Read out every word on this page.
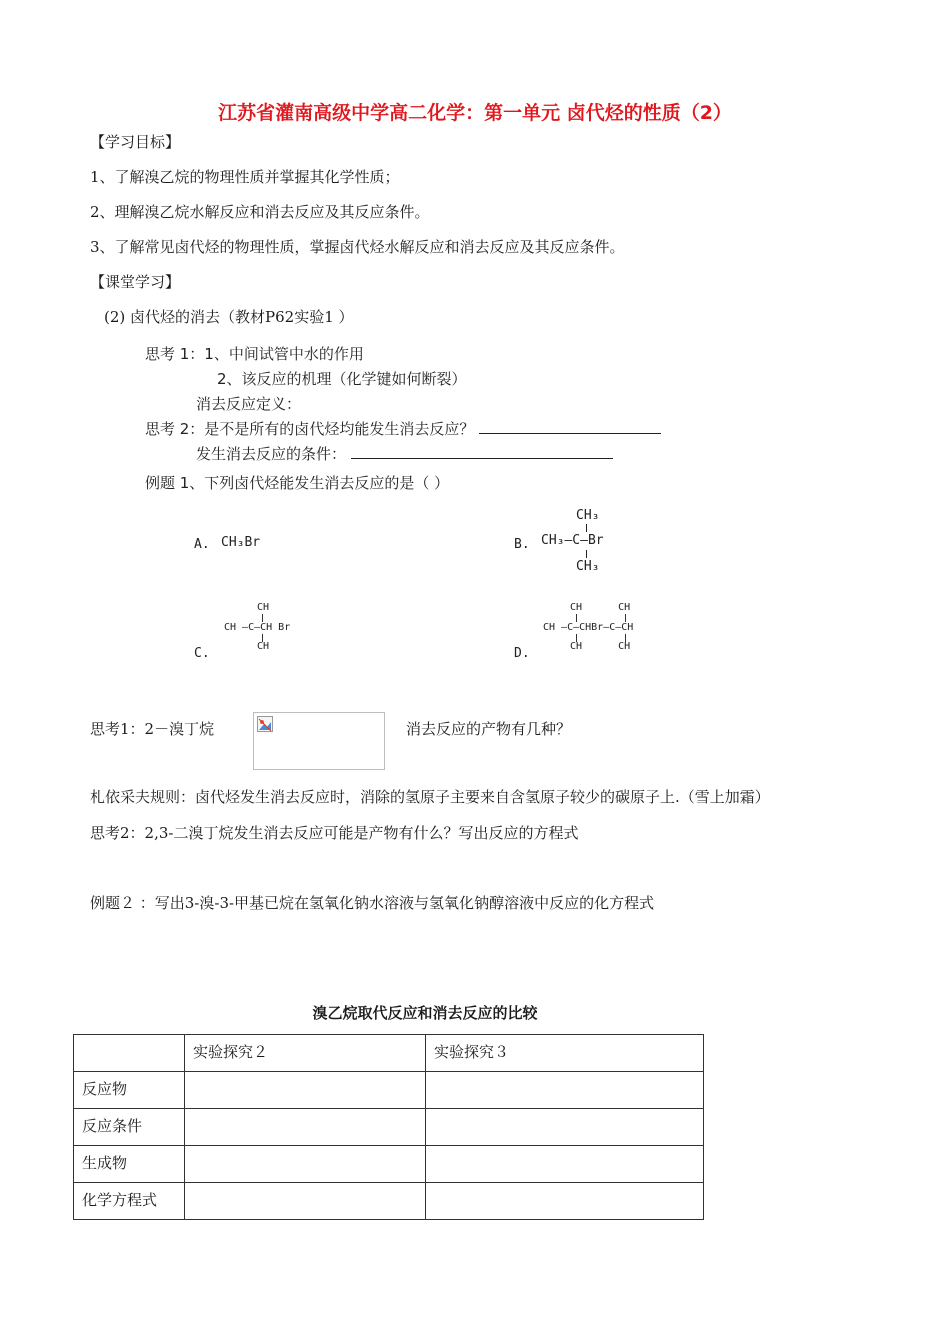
江苏省灌南高级中学高二化学：第一单元 卤代烃的性质（2）
【学习目标】
1、了解溴乙烷的物理性质并掌握其化学性质；
2、理解溴乙烷水解反应和消去反应及其反应条件。
3、了解常见卤代烃的物理性质，掌握卤代烃水解反应和消去反应及其反应条件。
【课堂学习】
(2) 卤代烃的消去（教材P62实验1 ）
思考 1：1、中间试管中水的作用
2、该反应的机理（化学键如何断裂）
消去反应定义：
思考 2：是不是所有的卤代烃均能发生消去反应？
发生消去反应的条件：
例题 1、下列卤代烃能发生消去反应的是（ ）
A. CH₃Br	B.
CH₃
CH₃–C–Br
CH₃
CH
CH –C–CH Br
CH
C.
CH      CH
CH –C–CHBr–C–CH
CH      CH
D.
思考1：2－溴丁烷	消去反应的产物有几种？
札依采夫规则：卤代烃发生消去反应时，消除的氢原子主要来自含氢原子较少的碳原子上.（雪上加霜）
思考2：2,3-二溴丁烷发生消去反应可能是产物有什么？写出反应的方程式
例题２ ：写出3-溴-3-甲基已烷在氢氧化钠水溶液与氢氧化钠醇溶液中反应的化方程式
溴乙烷取代反应和消去反应的比较
	实验探究２	实验探究３
反应物		
反应条件		
生成物		
化学方程式		
